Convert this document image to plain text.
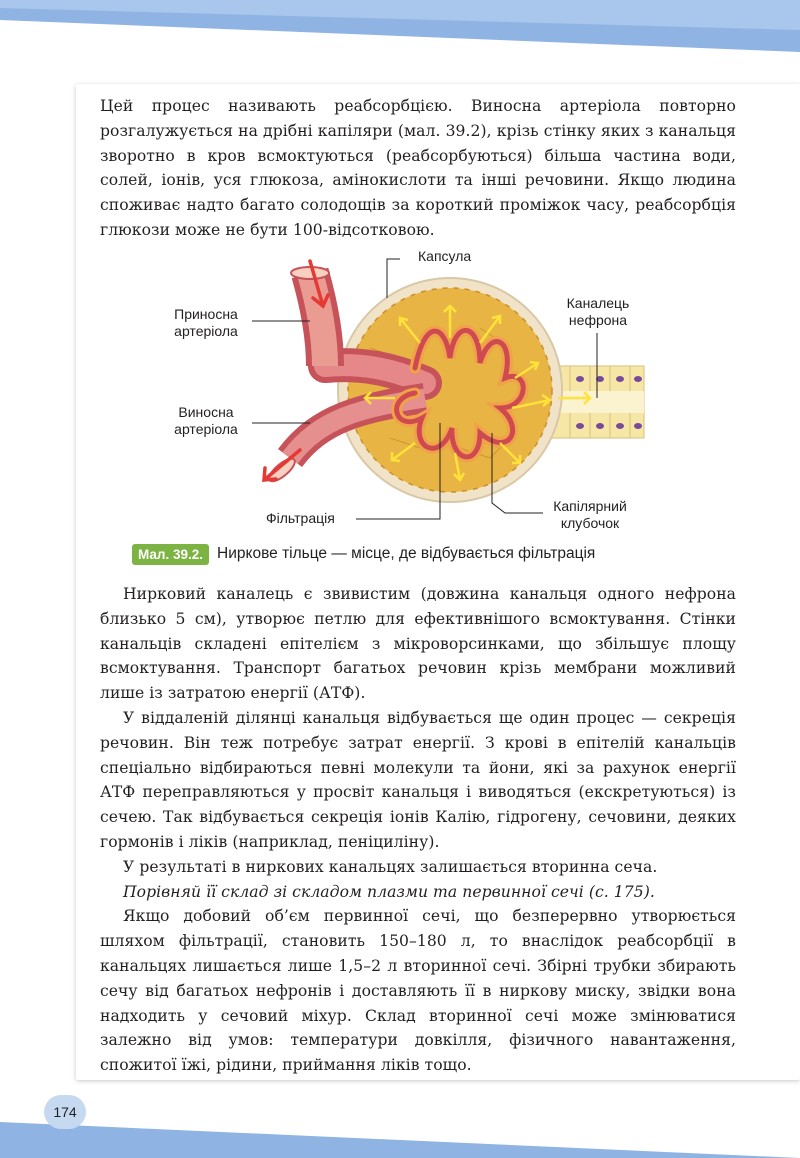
Цей процес називають реабсорбцією. Виносна артеріола повторно розгалужується на дрібні капіляри (мал. 39.2), крізь стінку яких з канальця зворотно в кров всмоктуються (реабсорбуються) більша частина води, солей, іонів, уся глюкоза, амінокислоти та інші речовини. Якщо людина споживає надто багато солодощів за короткий проміжок часу, реабсорбція глюкози може не бути 100-відсотковою.

Капсула
Приносна
артеріола
Виносна
артеріола
Каналець
нефрона
Фільтрація
Капілярний
клубочок
Мал. 39.2. Ниркове тільце — місце, де відбувається фільтрація

Нирковий каналець є звивистим (довжина канальця одного нефрона близько 5 см), утворює петлю для ефективнішого всмоктування. Стінки канальців складені епітелієм з мікроворсинками, що збільшує площу всмоктування. Транспорт багатьох речовин крізь мембрани можливий лише із затратою енергії (АТФ).

У віддаленій ділянці канальця відбувається ще один процес — секреція речовин. Він теж потребує затрат енергії. З крові в епітелій канальців спеціально відбираються певні молекули та йони, які за рахунок енергії АТФ переправляються у просвіт канальця і виводяться (екскретуються) із сечею. Так відбувається секреція іонів Калію, гідрогену, сечовини, деяких гормонів і ліків (наприклад, пеніциліну).

У результаті в ниркових канальцях залишається вторинна сеча.

Порівняй її склад зі складом плазми та первинної сечі (с. 175).

Якщо добовий об’єм первинної сечі, що безперервно утворюється шляхом фільтрації, становить 150–180 л, то внаслідок реабсорбції в канальцях лишається лише 1,5–2 л вторинної сечі. Збірні трубки збирають сечу від багатьох нефронів і доставляють її в ниркову миску, звідки вона надходить у сечовий міхур. Склад вторинної сечі може змінюватися залежно від умов: температури довкілля, фізичного навантаження, спожитої їжі, рідини, приймання ліків тощо.

174
